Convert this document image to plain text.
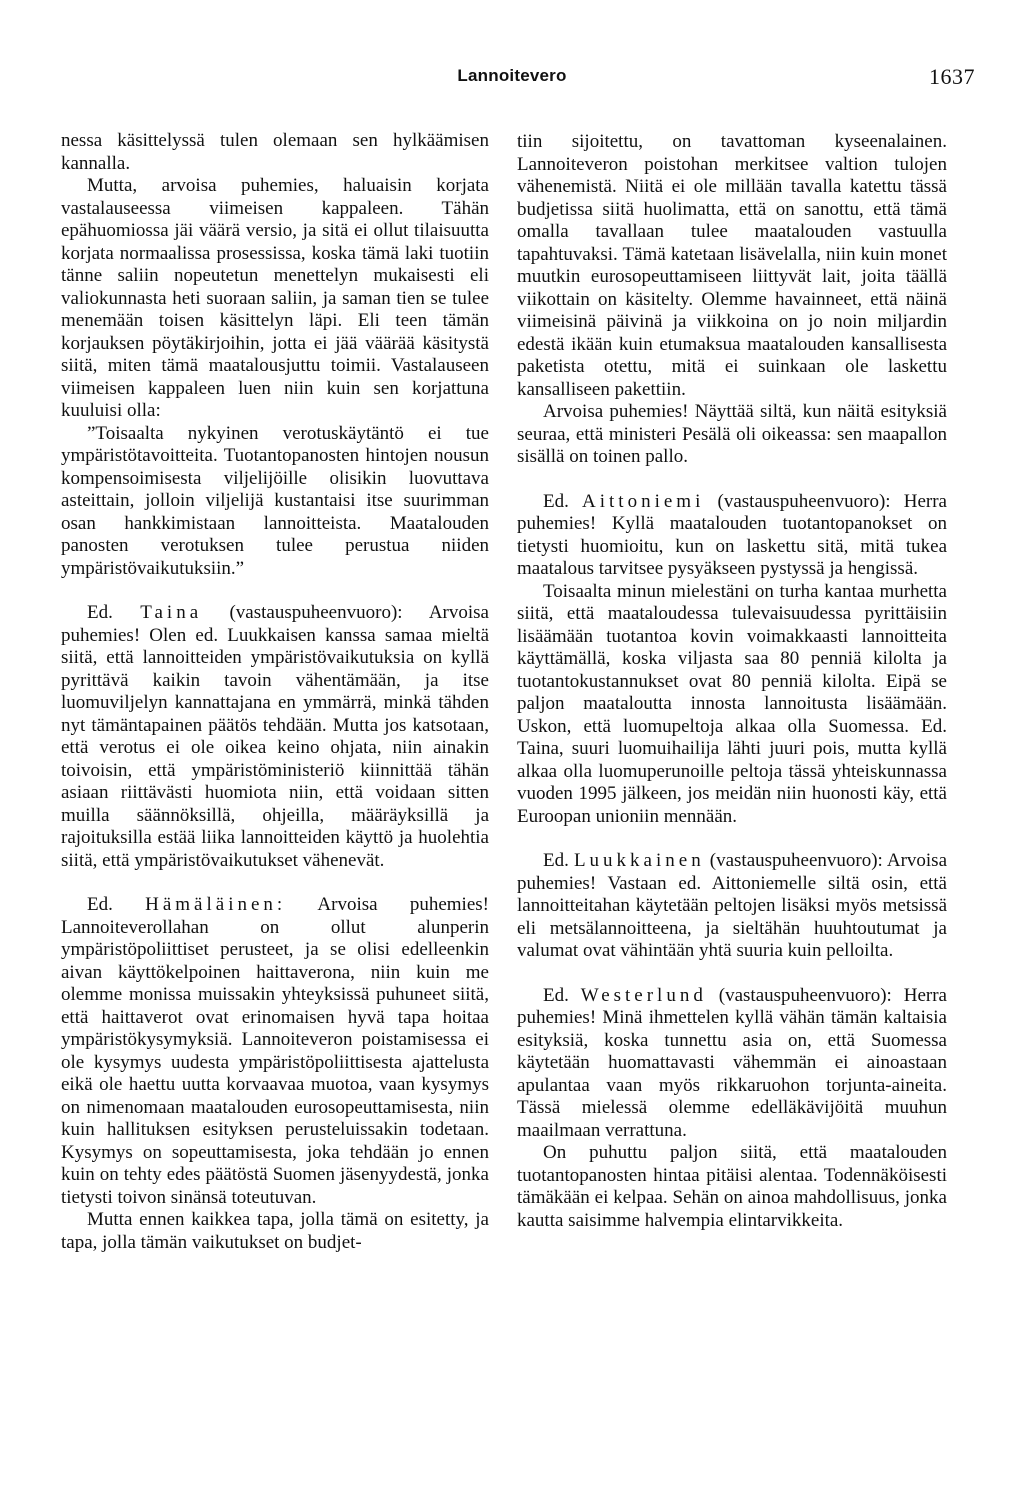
Lannoitevero	1637

nessa käsittelyssä tulen olemaan sen hylkäämisen kannalla.

Mutta, arvoisa puhemies, haluaisin korjata vastalauseessa viimeisen kappaleen. Tähän epähuomiossa jäi väärä versio, ja sitä ei ollut tilaisuutta korjata normaalissa prosessissa, koska tämä laki tuotiin tänne saliin nopeutetun menettelyn mukaisesti eli valiokunnasta heti suoraan saliin, ja saman tien se tulee menemään toisen käsittelyn läpi. Eli teen tämän korjauksen pöytäkirjoihin, jotta ei jää väärää käsitystä siitä, miten tämä maatalousjuttu toimii. Vastalauseen viimeisen kappaleen luen niin kuin sen korjattuna kuuluisi olla:

”Toisaalta nykyinen verotuskäytäntö ei tue ympäristötavoitteita. Tuotantopanosten hintojen nousun kompensoimisesta viljelijöille olisikin luovuttava asteittain, jolloin viljelijä kustantaisi itse suurimman osan hankkimistaan lannoitteista. Maatalouden panosten verotuksen tulee perustua niiden ympäristövaikutuksiin.”

Ed. Taina (vastauspuheenvuoro): Arvoisa puhemies! Olen ed. Luukkaisen kanssa samaa mieltä siitä, että lannoitteiden ympäristövaikutuksia on kyllä pyrittävä kaikin tavoin vähentämään, ja itse luomuviljelyn kannattajana en ymmärrä, minkä tähden nyt tämäntapainen päätös tehdään. Mutta jos katsotaan, että verotus ei ole oikea keino ohjata, niin ainakin toivoisin, että ympäristöministeriö kiinnittää tähän asiaan riittävästi huomiota niin, että voidaan sitten muilla säännöksillä, ohjeilla, määräyksillä ja rajoituksilla estää liika lannoitteiden käyttö ja huolehtia siitä, että ympäristövaikutukset vähenevät.

Ed. Hämäläinen: Arvoisa puhemies! Lannoiteverollahan on ollut alunperin ympäristöpoliittiset perusteet, ja se olisi edelleenkin aivan käyttökelpoinen haittaverona, niin kuin me olemme monissa muissakin yhteyksissä puhuneet siitä, että haittaverot ovat erinomaisen hyvä tapa hoitaa ympäristökysymyksiä. Lannoiteveron poistamisessa ei ole kysymys uudesta ympäristöpoliittisesta ajattelusta eikä ole haettu uutta korvaavaa muotoa, vaan kysymys on nimenomaan maatalouden eurosopeuttamisesta, niin kuin hallituksen esityksen perusteluissakin todetaan. Kysymys on sopeuttamisesta, joka tehdään jo ennen kuin on tehty edes päätöstä Suomen jäsenyydestä, jonka tietysti toivon sinänsä toteutuvan.

Mutta ennen kaikkea tapa, jolla tämä on esitetty, ja tapa, jolla tämän vaikutukset on budjet-

tiin sijoitettu, on tavattoman kyseenalainen. Lannoiteveron poistohan merkitsee valtion tulojen vähenemistä. Niitä ei ole millään tavalla katettu tässä budjetissa siitä huolimatta, että on sanottu, että tämä omalla tavallaan tulee maatalouden vastuulla tapahtuvaksi. Tämä katetaan lisävelalla, niin kuin monet muutkin eurosopeuttamiseen liittyvät lait, joita täällä viikottain on käsitelty. Olemme havainneet, että näinä viimeisinä päivinä ja viikkoina on jo noin miljardin edestä ikään kuin etumaksua maatalouden kansallisesta paketista otettu, mitä ei suinkaan ole laskettu kansalliseen pakettiin.

Arvoisa puhemies! Näyttää siltä, kun näitä esityksiä seuraa, että ministeri Pesälä oli oikeassa: sen maapallon sisällä on toinen pallo.

Ed. Aittoniemi (vastauspuheenvuoro): Herra puhemies! Kyllä maatalouden tuotantopanokset on tietysti huomioitu, kun on laskettu sitä, mitä tukea maatalous tarvitsee pysyäkseen pystyssä ja hengissä.

Toisaalta minun mielestäni on turha kantaa murhetta siitä, että maataloudessa tulevaisuudessa pyrittäisiin lisäämään tuotantoa kovin voimakkaasti lannoitteita käyttämällä, koska viljasta saa 80 penniä kilolta ja tuotantokustannukset ovat 80 penniä kilolta. Eipä se paljon maatalouttа innosta lannoitusta lisäämään. Uskon, että luomupeltoja alkaa olla Suomessa. Ed. Taina, suuri luomuihailija lähti juuri pois, mutta kyllä alkaa olla luomuperunoille peltoja tässä yhteiskunnassa vuoden 1995 jälkeen, jos meidän niin huonosti käy, että Euroopan unioniin mennään.

Ed. Luukkainen (vastauspuheenvuoro): Arvoisa puhemies! Vastaan ed. Aittoniemelle siltä osin, että lannoitteitahan käytetään peltojen lisäksi myös metsissä eli metsälannoitteena, ja sieltähän huuhtoutumat ja valumat ovat vähintään yhtä suuria kuin pelloilta.

Ed. Westerlund (vastauspuheenvuoro): Herra puhemies! Minä ihmettelen kyllä vähän tämän kaltaisia esityksiä, koska tunnettu asia on, että Suomessa käytetään huomattavasti vähemmän ei ainoastaan apulantaa vaan myös rikkaruohon torjunta-aineita. Tässä mielessä olemme edelläkävijöitä muuhun maailmaan verrattuna.

On puhuttu paljon siitä, että maatalouden tuotantopanosten hintaa pitäisi alentaa. Todennäköisesti tämäkään ei kelpaa. Sehän on ainoa mahdollisuus, jonka kautta saisimme halvempia elintarvikkeita.
